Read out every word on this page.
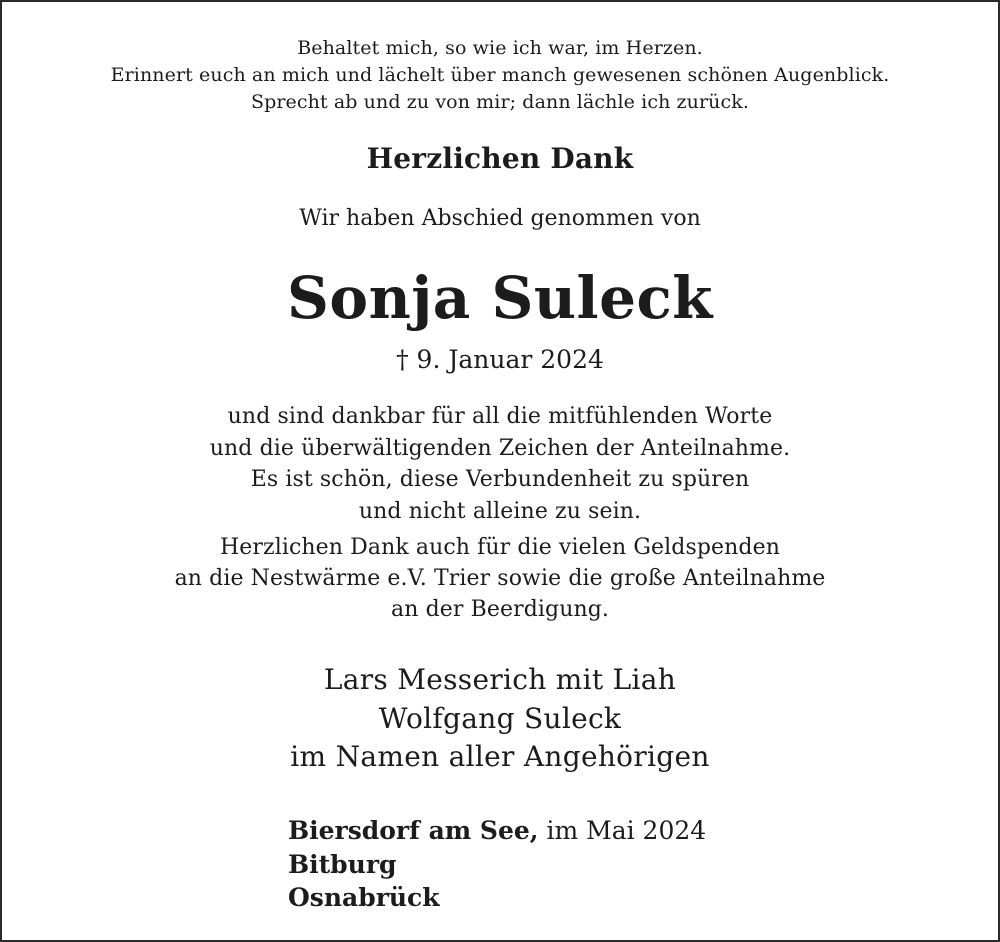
Behaltet mich, so wie ich war, im Herzen.
Erinnert euch an mich und lächelt über manch gewesenen schönen Augenblick.
Sprecht ab und zu von mir; dann lächle ich zurück.
Herzlichen Dank
Wir haben Abschied genommen von
Sonja Suleck
† 9. Januar 2024
und sind dankbar für all die mitfühlenden Worte
und die überwältigenden Zeichen der Anteilnahme.
Es ist schön, diese Verbundenheit zu spüren
und nicht alleine zu sein.
Herzlichen Dank auch für die vielen Geldspenden
an die Nestwärme e.V. Trier sowie die große Anteilnahme
an der Beerdigung.
Lars Messerich mit Liah
Wolfgang Suleck
im Namen aller Angehörigen
Biersdorf am See, im Mai 2024
Bitburg
Osnabrück
